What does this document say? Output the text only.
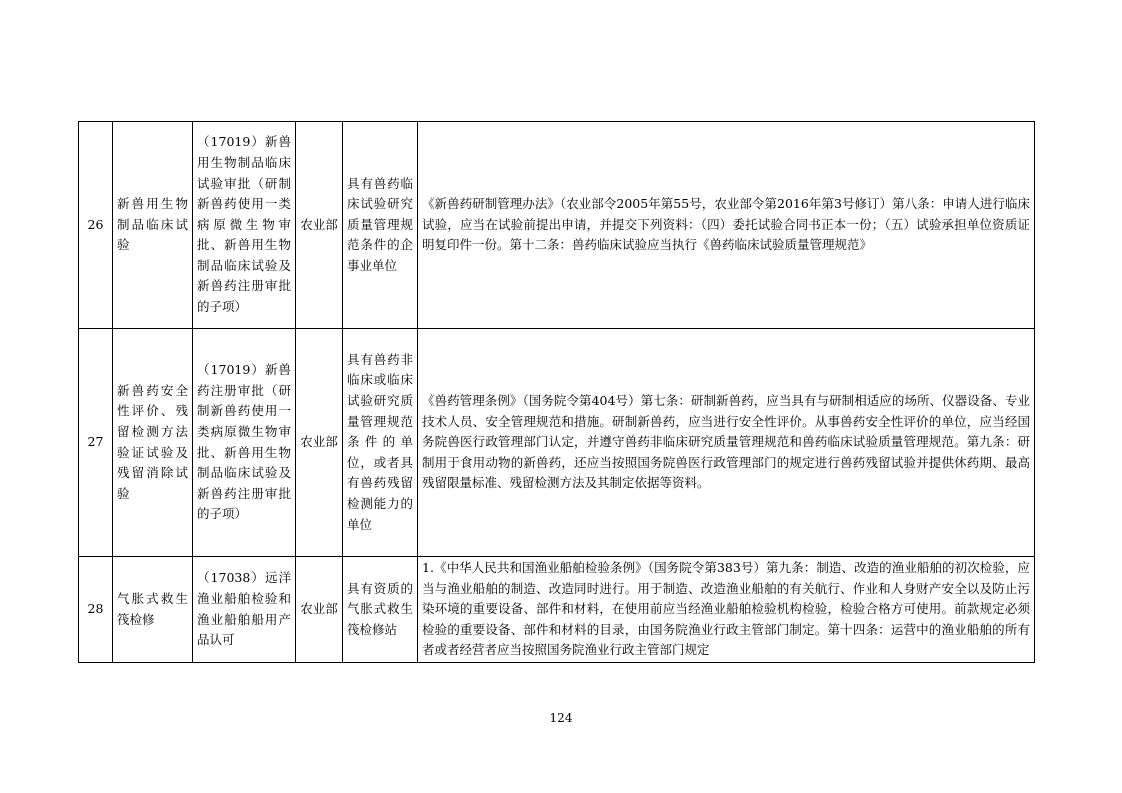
26	新兽用生物制品临床试验	（17019）新兽用生物制品临床试验审批（研制新兽药使用一类病原微生物审批、新兽用生物制品临床试验及新兽药注册审批的子项）	农业部	具有兽药临床试验研究质量管理规范条件的企事业单位	《新兽药研制管理办法》（农业部令2005年第55号，农业部令第2016年第3号修订）第八条：申请人进行临床试验，应当在试验前提出申请，并提交下列资料：（四）委托试验合同书正本一份；（五）试验承担单位资质证明复印件一份。第十二条：兽药临床试验应当执行《兽药临床试验质量管理规范》
27	新兽药安全性评价、残留检测方法验证试验及残留消除试验	（17019）新兽药注册审批（研制新兽药使用一类病原微生物审批、新兽用生物制品临床试验及新兽药注册审批的子项）	农业部	具有兽药非临床或临床试验研究质量管理规范条件的单位，或者具有兽药残留检测能力的单位	《兽药管理条例》（国务院令第404号）第七条：研制新兽药，应当具有与研制相适应的场所、仪器设备、专业技术人员、安全管理规范和措施。研制新兽药，应当进行安全性评价。从事兽药安全性评价的单位，应当经国务院兽医行政管理部门认定，并遵守兽药非临床研究质量管理规范和兽药临床试验质量管理规范。第九条：研制用于食用动物的新兽药，还应当按照国务院兽医行政管理部门的规定进行兽药残留试验并提供休药期、最高残留限量标准、残留检测方法及其制定依据等资料。
28	气胀式救生筏检修	（17038）远洋渔业船舶检验和渔业船舶船用产品认可	农业部	具有资质的气胀式救生筏检修站	1.《中华人民共和国渔业船舶检验条例》（国务院令第383号）第九条：制造、改造的渔业船舶的初次检验，应当与渔业船舶的制造、改造同时进行。用于制造、改造渔业船舶的有关航行、作业和人身财产安全以及防止污染环境的重要设备、部件和材料，在使用前应当经渔业船舶检验机构检验，检验合格方可使用。前款规定必须检验的重要设备、部件和材料的目录，由国务院渔业行政主管部门制定。第十四条：运营中的渔业船舶的所有者或者经营者应当按照国务院渔业行政主管部门规定
124
